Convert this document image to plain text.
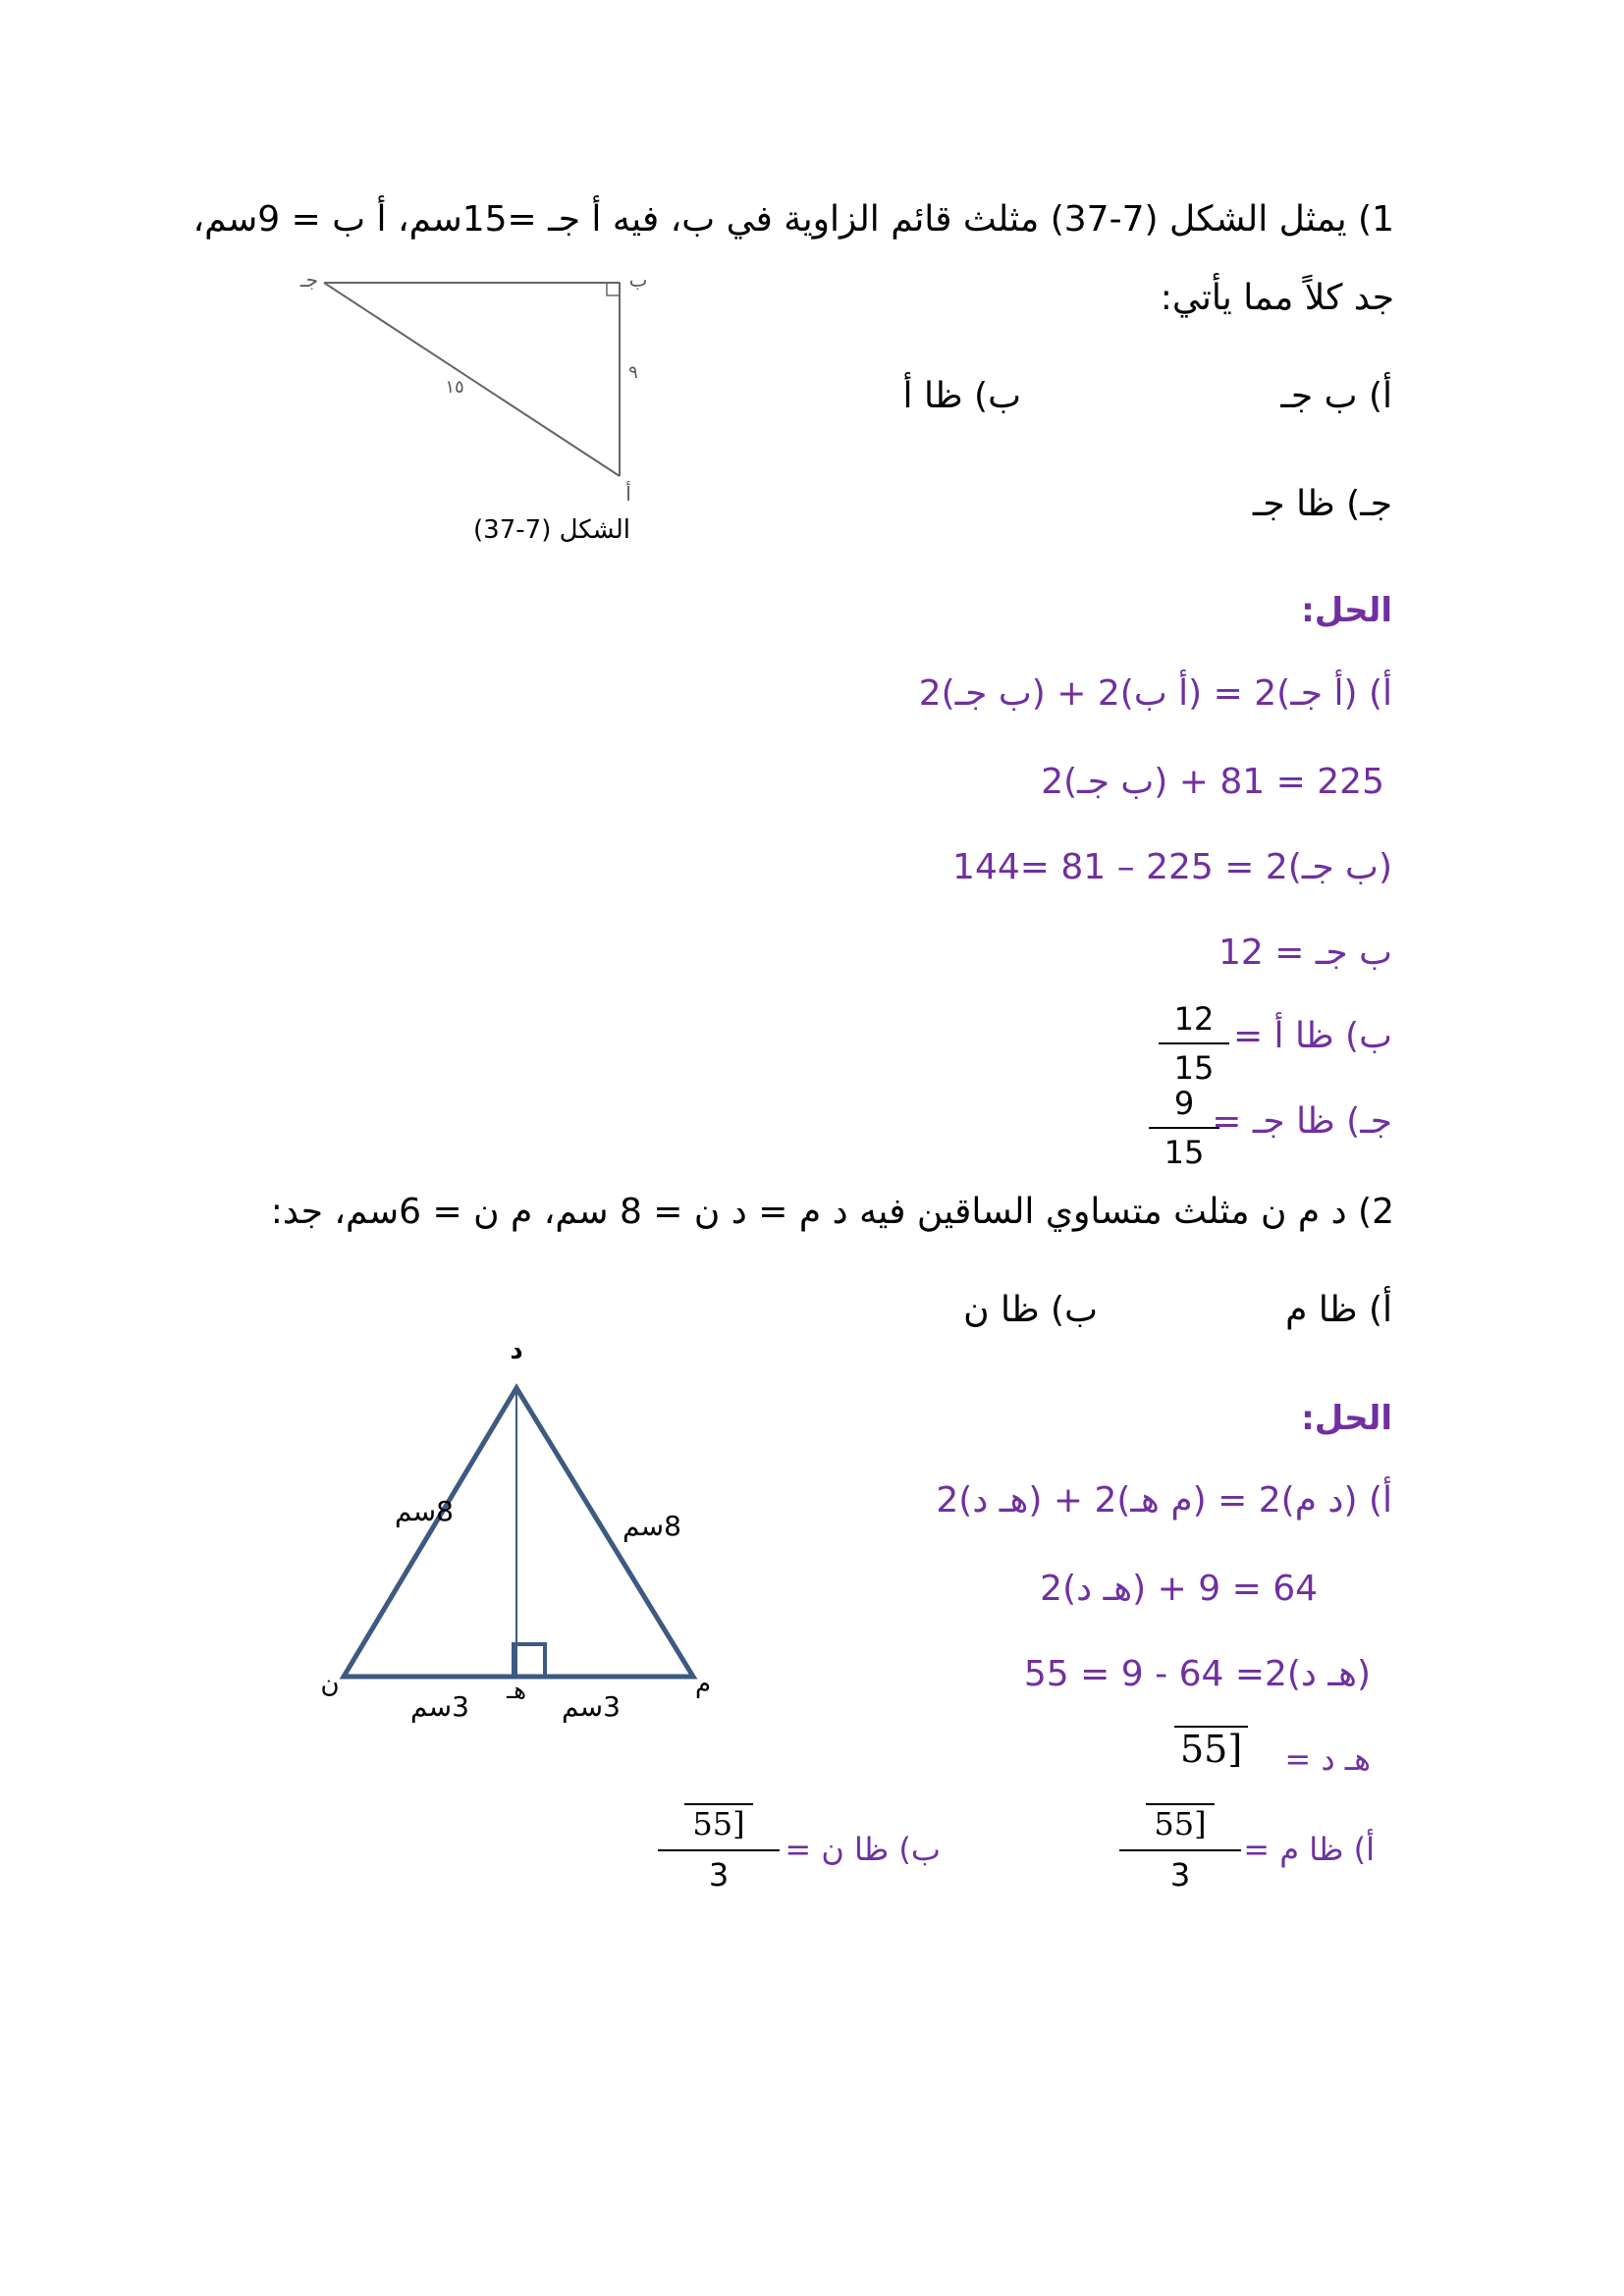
1) يمثل الشكل (7-37) مثلث قائم الزاوية في ب، فيه أ جـ =15سم، أ ب = 9سم،
جد كلاً مما يأتي:
أ) ب جـ
ب) ظا أ
جـ) ظا جـ
ب
جـ
أ
٩
١٥
الشكل (7-37)
الحل:
أ) (أ جـ)2 = (أ ب)2 + (ب جـ)2
225 = 81 + (ب جـ)2
(ب جـ)2 = 225 – 81 =144
ب جـ = 12
ب) ظا أ =
12
15
جـ) ظا جـ =
9
15
2) د م ن مثلث متساوي الساقين فيه د م = د ن = 8 سم، م ن = 6سم، جد:
أ) ظا م
ب) ظا ن
د
ن	م
هـ
8سم	8سم
3سم	3سم
الحل:
أ) (د م)2 = (م هـ)2 + (هـ د)2
64 = 9 + (هـ د)2
(هـ د)2= 64 - 9 = 55
هـ د =
55]
أ) ظا م =
55]
3
ب) ظا ن =
55]
3
